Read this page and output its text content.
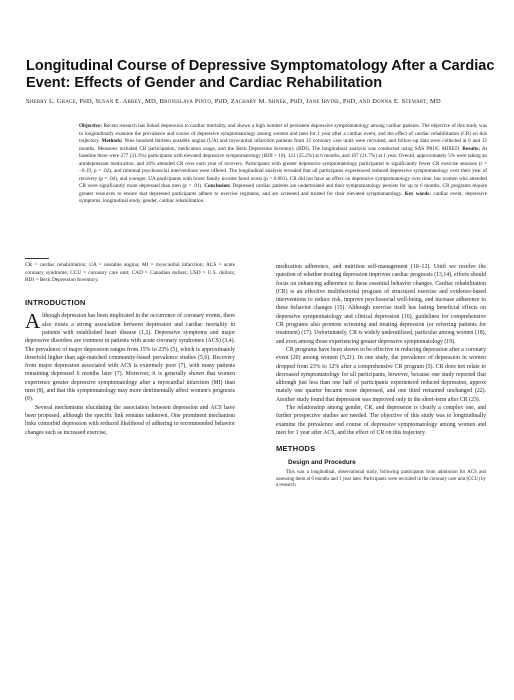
Longitudinal Course of Depressive Symptomatology After a Cardiac Event: Effects of Gender and Cardiac Rehabilitation
Sherry L. Grace, PhD, Susan E. Abbey, MD, Bronislava Pinto, PhD, Zachary M. Shnek, PhD, Jane Irvine, PhD, and Donna E. Stewart, MD
Objective: Recent research has linked depression to cardiac mortality, and shown a high number of persistent depressive symptomatology among cardiac patients. The objective of this study was to longitudinally examine the prevalence and course of depressive symptomatology among women and men for 1 year after a cardiac event, and the effect of cardiac rehabilitation (CR) on this trajectory. Methods: Nine hundred thirteen unstable angina (UA) and myocardial infarction patients from 12 coronary care units were recruited, and follow-up data were collected at 6 and 12 months. Measures included CR participation, medication usage, and the Beck Depression Inventory (BDI). The longitudinal analysis was conducted using SAS PROC MIXED. Results: At baseline there were 277 (31.3%) participants with elevated depressive symptomatology (BDI > 10), 121 (25.2%) at 6 months, and 107 (21.7%) at 1 year. Overall, approximately 5% were taking an antidepressant medication, and 20% attended CR over each year of recovery. Participants with greater depressive symptomatology participated in significantly fewer CR exercise sessions (r = −0.19, p = .02), and minimal psychosocial interventions were offered. The longitudinal analysis revealed that all participants experienced reduced depressive symptomatology over their year of recovery (p = .04), and younger, UA participants with lower family income fared worst (p < 0.001). CR did not have an effect on depressive symptomatology over time, but women who attended CR were significantly more depressed than men (p = .01). Conclusion: Depressed cardiac patients are undertreated and their symptomatology persists for up to 6 months. CR programs require greater resources to ensure that depressed participants adhere to exercise regimens, and are screened and treated for their elevated symptomatology. Key words: cardiac event, depressive symptoms, longitudinal study, gender, cardiac rehabilitation.

CR = cardiac rehabilitation; UA = unstable angina; MI = myocardial infarction; ACS = acute coronary syndrome; CCU = coronary care unit; CAD = Canadian dollars; USD = U.S. dollars; BDI = Beck Depression Inventory.

INTRODUCTION

Although depression has been implicated in the occurrence of coronary events, there also exists a strong association between depression and cardiac mortality in patients with established heart disease (1,2). Depressive symptoms and major depressive disorders are common in patients with acute coronary syndromes (ACS) (3,4). The prevalence of major depression ranges from 15% to 23% (5), which is approximately threefold higher than age-matched community-based prevalence studies (5,6). Recovery from major depression associated with ACS is extremely poor (7), with many patients remaining depressed 6 months later (7). Moreover, it is generally shown that women experience greater depressive symptomatology after a myocardial infarction (MI) than men (8), and that this symptomatology may more detrimentally affect women's prognosis (9).

Several mechanisms elucidating the association between depression and ACS have been proposed, although the specific link remains unknown. One prominent mechanism links comorbid depression with reduced likelihood of adhering to recommended behavior changes such as increased exercise,

medication adherence, and nutrition self-management (10–12). Until we resolve the question of whether treating depression improves cardiac prognosis (13,14), efforts should focus on enhancing adherence to these essential behavior changes. Cardiac rehabilitation (CR) is an effective multifactorial program of structured exercise and evidence-based interventions to reduce risk, improve psychosocial well-being, and increase adherence to these behavior changes (15). Although exercise itself has lasting beneficial effects on depressive symptomatology and clinical depression (16), guidelines for comprehensive CR programs also promote screening and treating depression (or referring patients for treatment) (17). Unfortunately, CR is widely underutilized, particular among women (18), and even among those experiencing greater depressive symptomatology (19).

CR programs have been shown to be effective in reducing depression after a coronary event (20) among women (5,21). In one study, the prevalence of depression in women dropped from 23% to 12% after a comprehensive CR program (5). CR does not relate to decreased symptomatology for all participants, however, because one study reported that although just less than one half of participants experienced reduced depression, approx mately one quarter became more depressed, and one third remained unchanged (22). Another study found that depression was improved only in the short-term after CR (23).

The relationship among gender, CR, and depression is clearly a complex one, and further prospective studies are needed. The objective of this study was to longitudinally examine the prevalence and course of depressive symptomatology among women and men for 1 year after ACS, and the effect of CR on this trajectory.

METHODS
Design and Procedure

This was a longitudinal, observational study, following participants from admission for ACS and assessing them at 6 months and 1 year later. Participants were recruited in the coronary care unit (CCU) by a research
